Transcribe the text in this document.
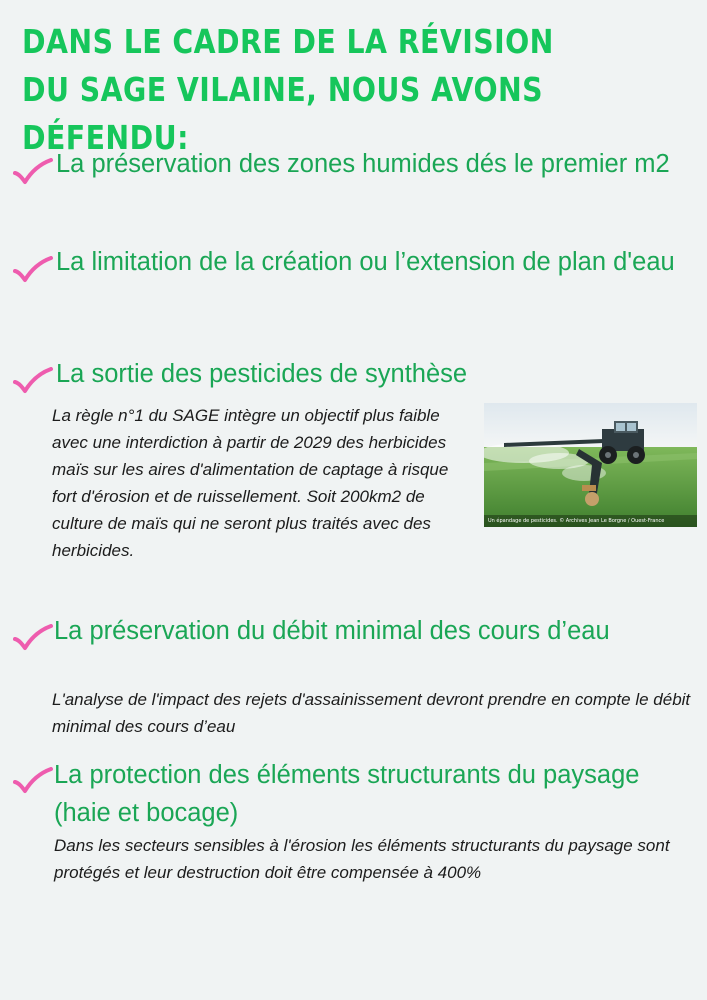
DANS LE CADRE DE LA RÉVISION DU SAGE VILAINE, NOUS AVONS DÉFENDU:

La préservation des zones humides dés le premier m2

La limitation de la création ou l’extension de plan d'eau

La sortie des pesticides de synthèse

La règle n°1 du SAGE intègre un objectif plus faible avec une interdiction à partir de 2029 des herbicides maïs sur les aires d'alimentation de captage à risque fort d'érosion et de ruissellement. Soit 200km2 de culture de maïs qui ne seront plus traités avec des herbicides.

Un épandage de pesticides. © Archives Jean Le Borgne / Ouest-France

La préservation du débit minimal des cours d’eau

L'analyse de l'impact des rejets d'assainissement devront prendre en compte le débit minimal des cours d’eau

La protection des éléments structurants du paysage (haie et bocage)

Dans les secteurs sensibles à l'érosion les éléments structurants du paysage sont protégés et leur destruction doit être compensée à 400%
